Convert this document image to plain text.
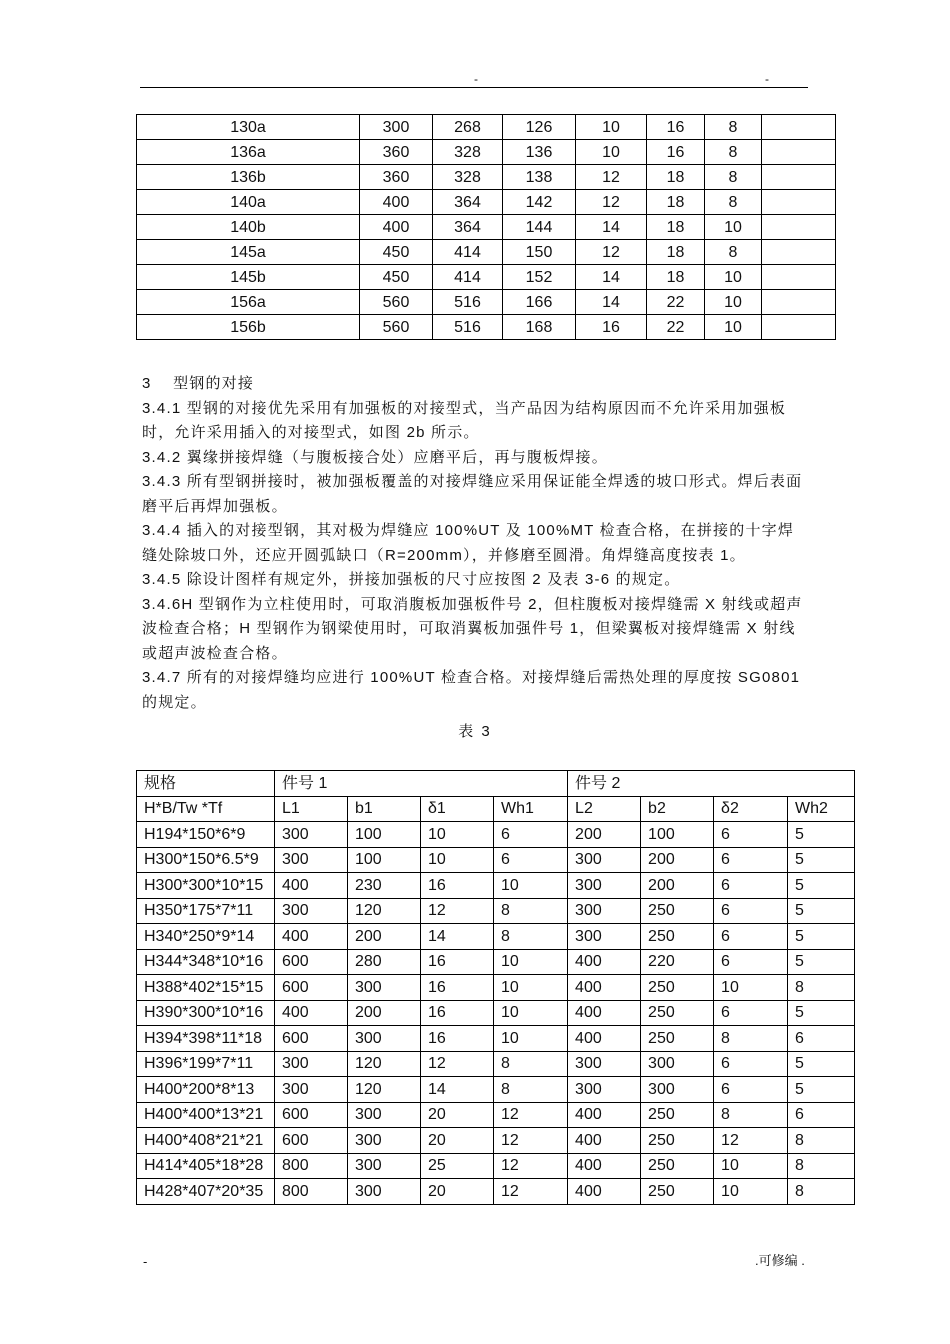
-	-
130a	300	268	126	10	16	8	
136a	360	328	136	10	16	8	
136b	360	328	138	12	18	8	
140a	400	364	142	12	18	8	
140b	400	364	144	14	18	10	
145a	450	414	150	12	18	8	
145b	450	414	152	14	18	10	
156a	560	516	166	14	22	10	
156b	560	516	168	16	22	10	

3　 型钢的对接

3.4.1 型钢的对接优先采用有加强板的对接型式，当产品因为结构原因而不允许采用加强板时，允许采用插入的对接型式，如图 2b 所示。

3.4.2 翼缘拼接焊缝（与腹板接合处）应磨平后，再与腹板焊接。

3.4.3 所有型钢拼接时，被加强板覆盖的对接焊缝应采用保证能全焊透的坡口形式。焊后表面磨平后再焊加强板。

3.4.4 插入的对接型钢，其对极为焊缝应 100%UT 及 100%MT 检查合格，在拼接的十字焊缝处除坡口外，还应开圆弧缺口（R=200mm），并修磨至圆滑。角焊缝高度按表 1。

3.4.5 除设计图样有规定外，拼接加强板的尺寸应按图 2 及表 3-6 的规定。

3.4.6H 型钢作为立柱使用时，可取消腹板加强板件号 2，但柱腹板对接焊缝需 X 射线或超声波检查合格；H 型钢作为钢梁使用时，可取消翼板加强件号 1，但梁翼板对接焊缝需 X 射线或超声波检查合格。

3.4.7 所有的对接焊缝均应进行 100%UT 检查合格。对接焊缝后需热处理的厚度按 SG0801 的规定。

表 3
规格	件号 1				件号 2			
H*B/Tw *Tf	L1	b1	δ1	Wh1	L2	b2	δ2	Wh2
H194*150*6*9	300	100	10	6	200	100	6	5
H300*150*6.5*9	300	100	10	6	300	200	6	5
H300*300*10*15	400	230	16	10	300	200	6	5
H350*175*7*11	300	120	12	8	300	250	6	5
H340*250*9*14	400	200	14	8	300	250	6	5
H344*348*10*16	600	280	16	10	400	220	6	5
H388*402*15*15	600	300	16	10	400	250	10	8
H390*300*10*16	400	200	16	10	400	250	6	5
H394*398*11*18	600	300	16	10	400	250	8	6
H396*199*7*11	300	120	12	8	300	300	6	5
H400*200*8*13	300	120	14	8	300	300	6	5
H400*400*13*21	600	300	20	12	400	250	8	6
H400*408*21*21	600	300	20	12	400	250	12	8
H414*405*18*28	800	300	25	12	400	250	10	8
H428*407*20*35	800	300	20	12	400	250	10	8
-	.可修编 .
